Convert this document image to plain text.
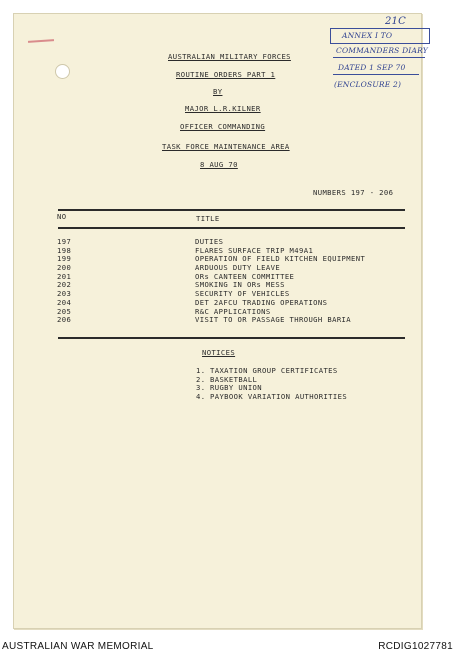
21C
ANNEX I TO
COMMANDERS DIARY
DATED 1 SEP 70
(ENCLOSURE 2)
AUSTRALIAN MILITARY FORCES
ROUTINE ORDERS PART 1
BY
MAJOR L.R.KILNER
OFFICER COMMANDING
TASK FORCE MAINTENANCE AREA
8 AUG 70
NUMBERS 197 - 206
NO	TITLE
197	DUTIES
198	FLARES SURFACE TRIP M49A1
199	OPERATION OF FIELD KITCHEN EQUIPMENT
200	ARDUOUS DUTY LEAVE
201	ORs CANTEEN COMMITTEE
202	SMOKING IN ORs MESS
203	SECURITY OF VEHICLES
204	DET 2AFCU TRADING OPERATIONS
205	R&C APPLICATIONS
206	VISIT TO OR PASSAGE THROUGH BARIA
NOTICES
1. TAXATION GROUP CERTIFICATES
2. BASKETBALL
3. RUGBY UNION
4. PAYBOOK VARIATION AUTHORITIES
AUSTRALIAN WAR MEMORIAL	RCDIG1027781
